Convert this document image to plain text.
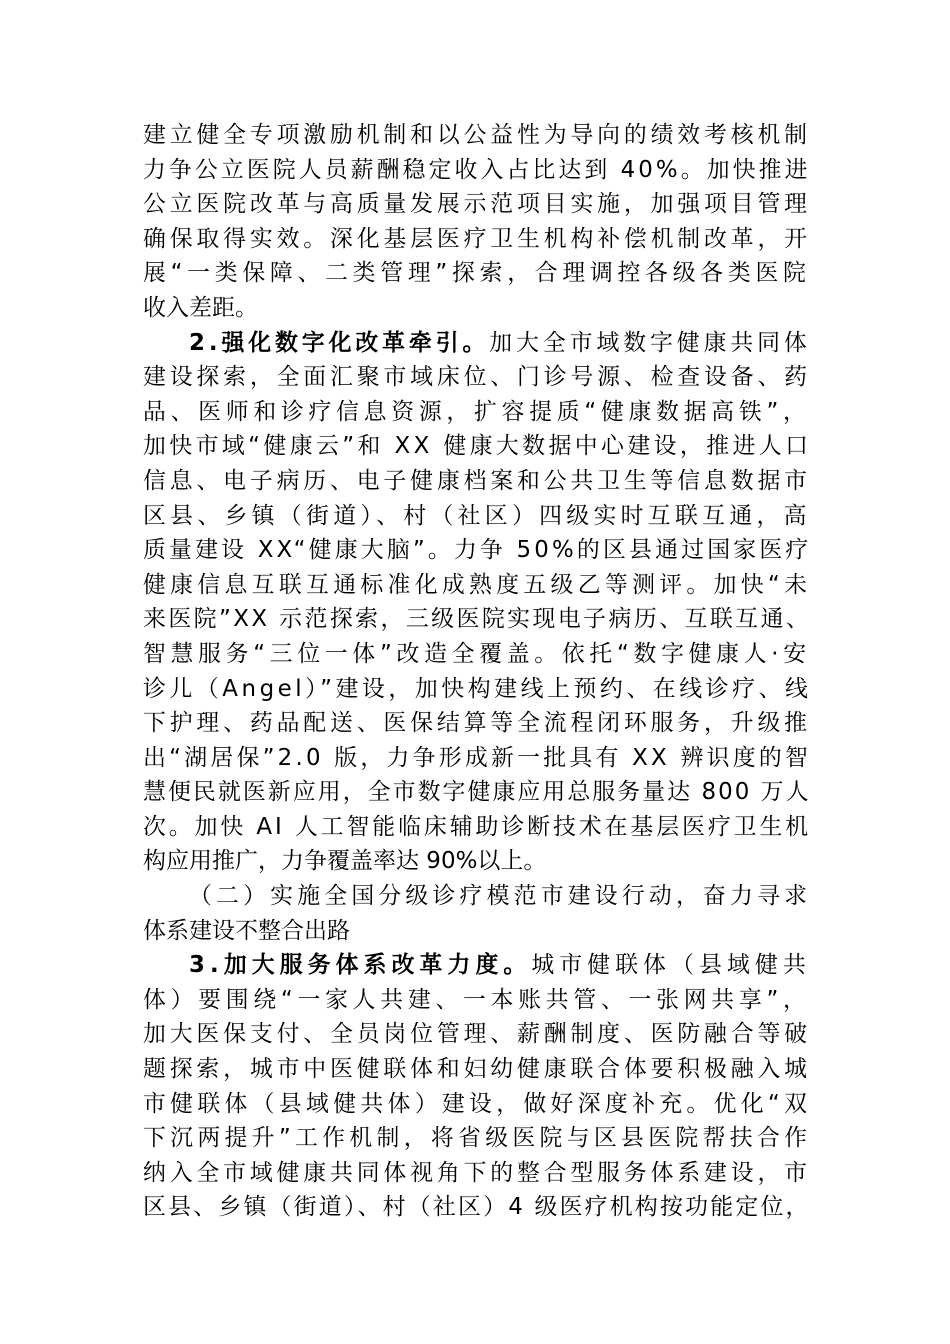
建立健全专项激励机制和以公益性为导向的绩效考核机制
力争公立医院人员薪酬稳定收入占比达到 40%。加快推进
公立医院改革与高质量发展示范项目实施，加强项目管理
确保取得实效。深化基层医疗卫生机构补偿机制改革，开
展“一类保障、二类管理”探索，合理调控各级各类医院
收入差距。
2.强化数字化改革牵引。加大全市域数字健康共同体
建设探索，全面汇聚市域床位、门诊号源、检查设备、药
品、医师和诊疗信息资源，扩容提质“健康数据高铁”，
加快市域“健康云”和 XX 健康大数据中心建设，推进人口
信息、电子病历、电子健康档案和公共卫生等信息数据市
区县、乡镇（街道）、村（社区）四级实时互联互通，高
质量建设 XX“健康大脑”。力争 50%的区县通过国家医疗
健康信息互联互通标准化成熟度五级乙等测评。加快“未
来医院”XX 示范探索，三级医院实现电子病历、互联互通、
智慧服务“三位一体”改造全覆盖。依托“数字健康人·安
诊儿（Angel）”建设，加快构建线上预约、在线诊疗、线
下护理、药品配送、医保结算等全流程闭环服务，升级推
出“湖居保”2.0 版，力争形成新一批具有 XX 辨识度的智
慧便民就医新应用，全市数字健康应用总服务量达 800 万人
次。加快 AI 人工智能临床辅助诊断技术在基层医疗卫生机
构应用推广，力争覆盖率达 90%以上。
（二）实施全国分级诊疗模范市建设行动，奋力寻求
体系建设不整合出路
3.加大服务体系改革力度。城市健联体（县域健共
体）要围绕“一家人共建、一本账共管、一张网共享”，
加大医保支付、全员岗位管理、薪酬制度、医防融合等破
题探索，城市中医健联体和妇幼健康联合体要积极融入城
市健联体（县域健共体）建设，做好深度补充。优化“双
下沉两提升”工作机制，将省级医院与区县医院帮扶合作
纳入全市域健康共同体视角下的整合型服务体系建设，市
区县、乡镇（街道）、村（社区）4 级医疗机构按功能定位，
